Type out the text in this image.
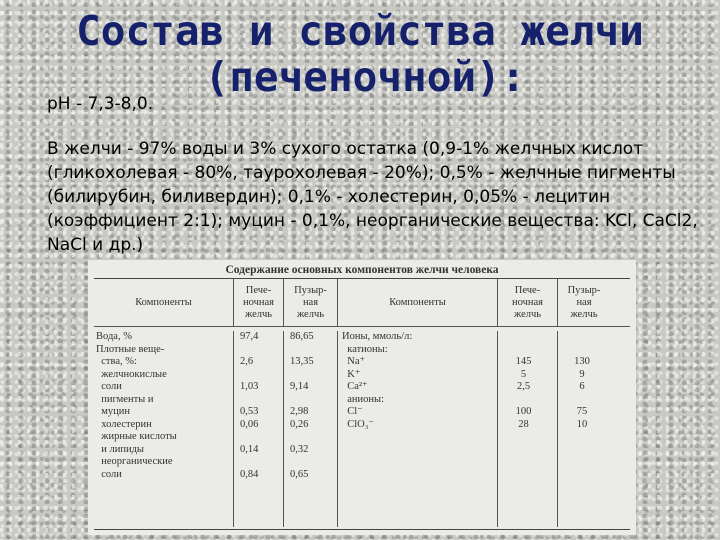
Состав и свойства желчи
(печеночной):
рН - 7,3-8,0.

В желчи - 97% воды и 3% сухого остатка (0,9-1% желчных кислот (гликохолевая - 80%, таурохолевая - 20%); 0,5% - желчные пигменты (билирубин, биливердин); 0,1% - холестерин, 0,05% - лецитин (коэффициент 2:1); муцин - 0,1%, неорганические вещества: KCl, CaCl2, NaCl и др.)

Содержание основных компонентов желчи человека
Компоненты
Пече-
ночная
желчь
Пузыр-
ная
желчь
Компоненты
Пече-
ночная
желчь
Пузыр-
ная
желчь
Вода, %
Плотные веще-
ства, %:
желчнокислые
соли
пигменты и
муцин
холестерин
жирные кислоты
и липиды
неорганические
соли
97,4

2,6

1,03

0,53
0,06

0,14

0,84
86,65

13,35

9,14

2,98
0,26

0,32

0,65
Ионы, ммоль/л:
катионы:
Na⁺
K⁺
Ca²⁺
анионы:
Cl⁻
ClO₃⁻

145
5
2,5

100
28

130
9
6

75
10
